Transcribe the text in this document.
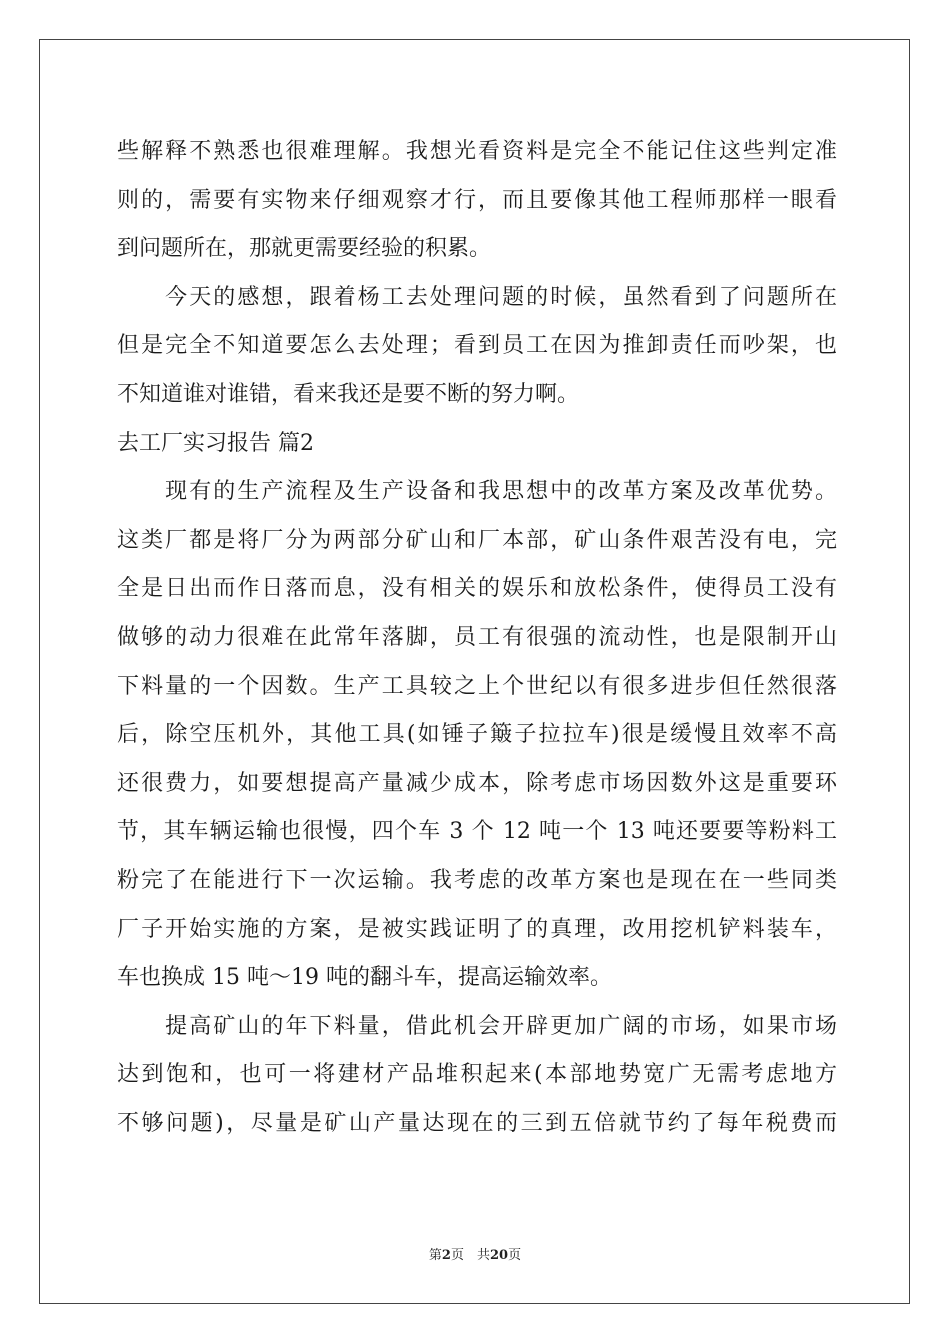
些解释不熟悉也很难理解。我想光看资料是完全不能记住这些判定准
则的，需要有实物来仔细观察才行，而且要像其他工程师那样一眼看
到问题所在，那就更需要经验的积累。
　　今天的感想，跟着杨工去处理问题的时候，虽然看到了问题所在
但是完全不知道要怎么去处理；看到员工在因为推卸责任而吵架，也
不知道谁对谁错，看来我还是要不断的努力啊。
去工厂实习报告 篇2
　　现有的生产流程及生产设备和我思想中的改革方案及改革优势。
这类厂都是将厂分为两部分矿山和厂本部，矿山条件艰苦没有电，完
全是日出而作日落而息，没有相关的娱乐和放松条件，使得员工没有
做够的动力很难在此常年落脚，员工有很强的流动性，也是限制开山
下料量的一个因数。生产工具较之上个世纪以有很多进步但任然很落
后，除空压机外，其他工具(如锤子簸子拉拉车)很是缓慢且效率不高
还很费力，如要想提高产量减少成本，除考虑市场因数外这是重要环
节，其车辆运输也很慢，四个车 3 个 12 吨一个 13 吨还要要等粉料工
粉完了在能进行下一次运输。我考虑的改革方案也是现在在一些同类
厂子开始实施的方案，是被实践证明了的真理，改用挖机铲料装车，
车也换成 15 吨～19 吨的翻斗车，提高运输效率。
　　提高矿山的年下料量，借此机会开辟更加广阔的市场，如果市场
达到饱和，也可一将建材产品堆积起来(本部地势宽广无需考虑地方
不够问题)，尽量是矿山产量达现在的三到五倍就节约了每年税费而
第2页　共20页
